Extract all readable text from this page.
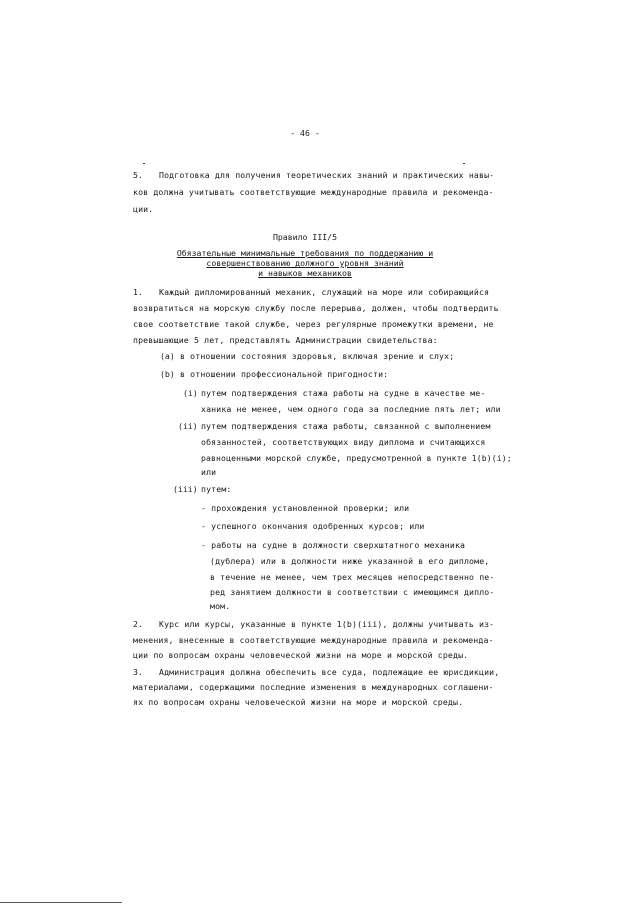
- 46 -
5. Подготовка для получения теоретических знаний и практических навы-
ков должна учитывать соответствующие международные правила и рекоменда-
ции.
Правило III/5
Обязательные минимальные требования по поддержанию и
совершенствованию должного уровня знаний
и навыков механиков
1. Каждый дипломированный механик, служащий на море или собирающийся
возвратиться на морскую службу после перерыва, должен, чтобы подтвердить
свое соответствие такой службе, через регулярные промежутки времени, не
превышающие 5 лет, представлять Администрации свидетельства:
(a) в отношении состояния здоровья, включая зрение и слух;
(b) в отношении профессиональной пригодности:
(i) путем подтверждения стажа работы на судне в качестве ме-
ханика не менее, чем одного года за последние пять лет; или
(ii) путем подтверждения стажа работы, связанной с выполнением
обязанностей, соответствующих виду диплома и считающихся
равноценными морской службе, предусмотренной в пункте 1(b)(i);
или
(iii) путем:
- прохождения установленной проверки; или
- успешного окончания одобренных курсов; или
- работы на судне в должности сверхштатного механика
(дублера) или в должности ниже указанной в его дипломе,
в течение не менее, чем трех месяцев непосредственно пе-
ред занятием должности в соответствии с имеющимся дипло-
мом.
2. Курс или курсы, указанные в пункте 1(b)(iii), должны учитывать из-
менения, внесенные в соответствующие международные правила и рекоменда-
ции по вопросам охраны человеческой жизни на море и морской среды.
3. Администрация должна обеспечить все суда, подлежащие ее юрисдикции,
материалами, содержащими последние изменения в международных соглашени-
ях по вопросам охраны человеческой жизни на море и морской среды.
